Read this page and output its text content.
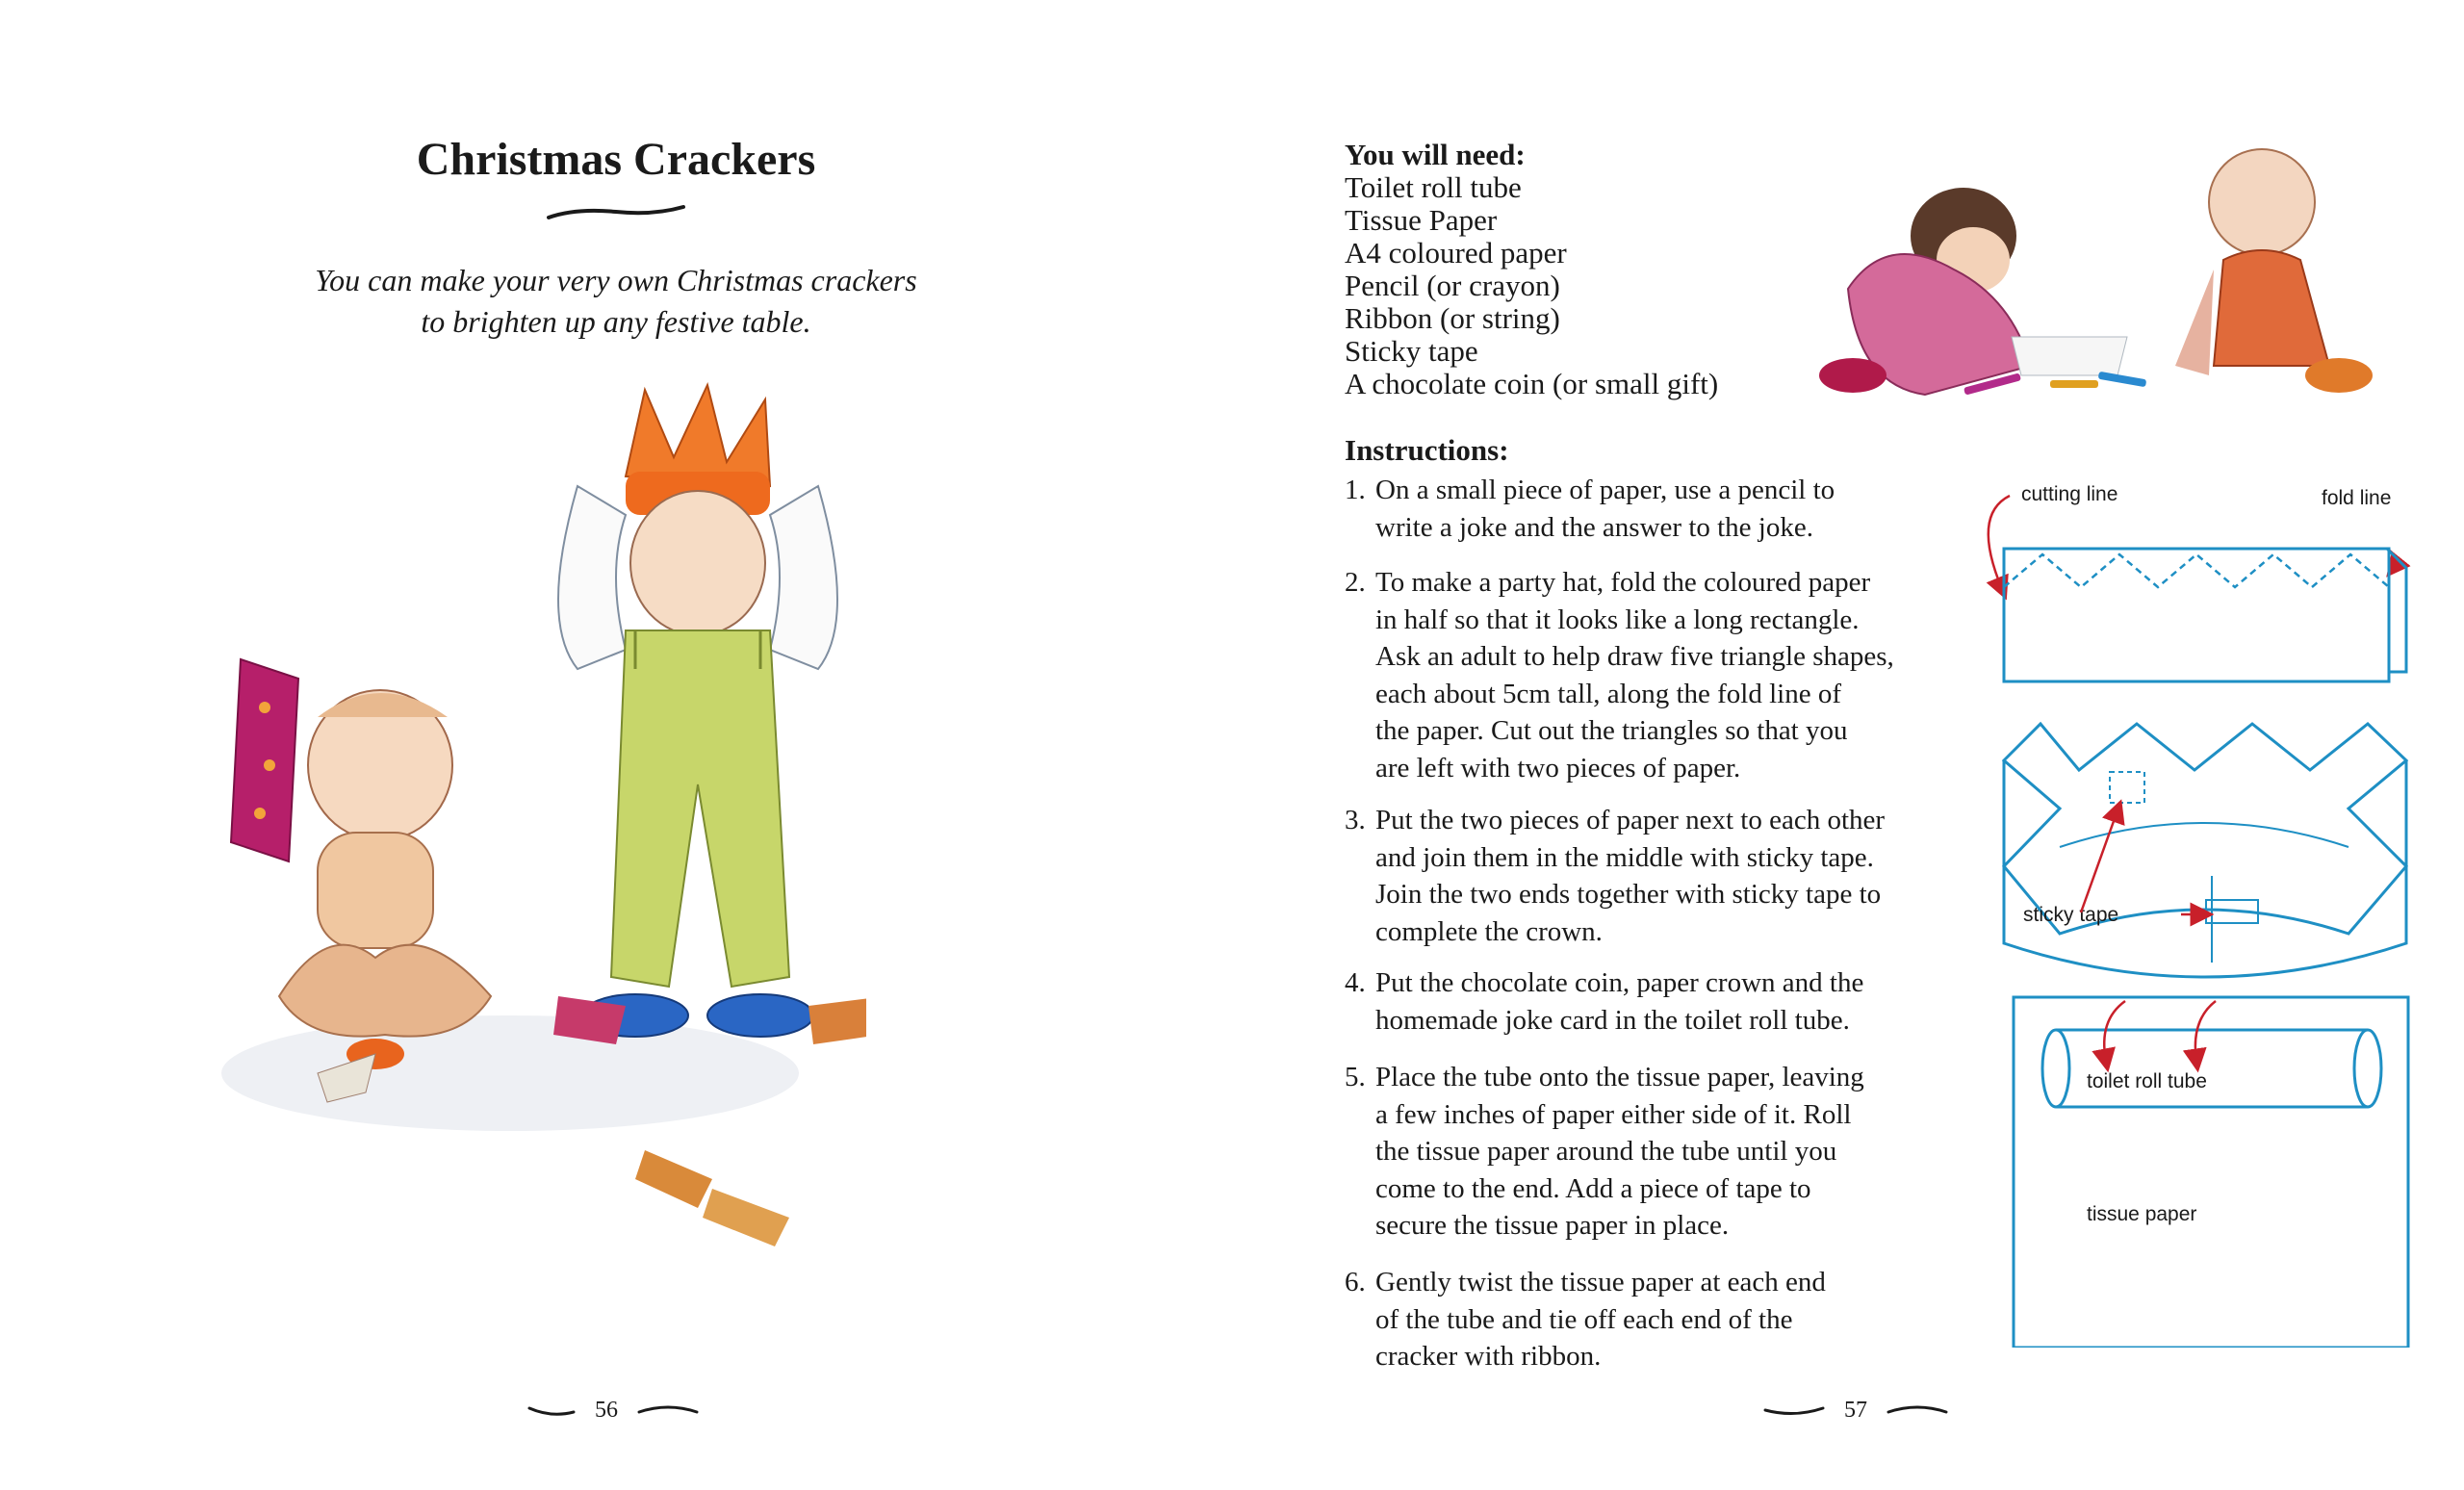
Christmas Crackers
You can make your very own Christmas crackers
to brighten up any festive table.
56
You will need:
Toilet roll tube
Tissue Paper
A4 coloured paper
Pencil (or crayon)
Ribbon (or string)
Sticky tape
A chocolate coin (or small gift)
Instructions:
1. On a small piece of paper, use a pencil to
write a joke and the answer to the joke.
2. To make a party hat, fold the coloured paper
in half so that it looks like a long rectangle.
Ask an adult to help draw five triangle shapes,
each about 5cm tall, along the fold line of
the paper. Cut out the triangles so that you
are left with two pieces of paper.
3. Put the two pieces of paper next to each other
and join them in the middle with sticky tape.
Join the two ends together with sticky tape to
complete the crown.
4. Put the chocolate coin, paper crown and the
homemade joke card in the toilet roll tube.
5. Place the tube onto the tissue paper, leaving
a few inches of paper either side of it. Roll
the tissue paper around the tube until you
come to the end. Add a piece of tape to
secure the tissue paper in place.
6. Gently twist the tissue paper at each end
of the tube and tie off each end of the
cracker with ribbon.
cutting line	fold line
sticky tape
toilet roll tube
tissue paper
57
